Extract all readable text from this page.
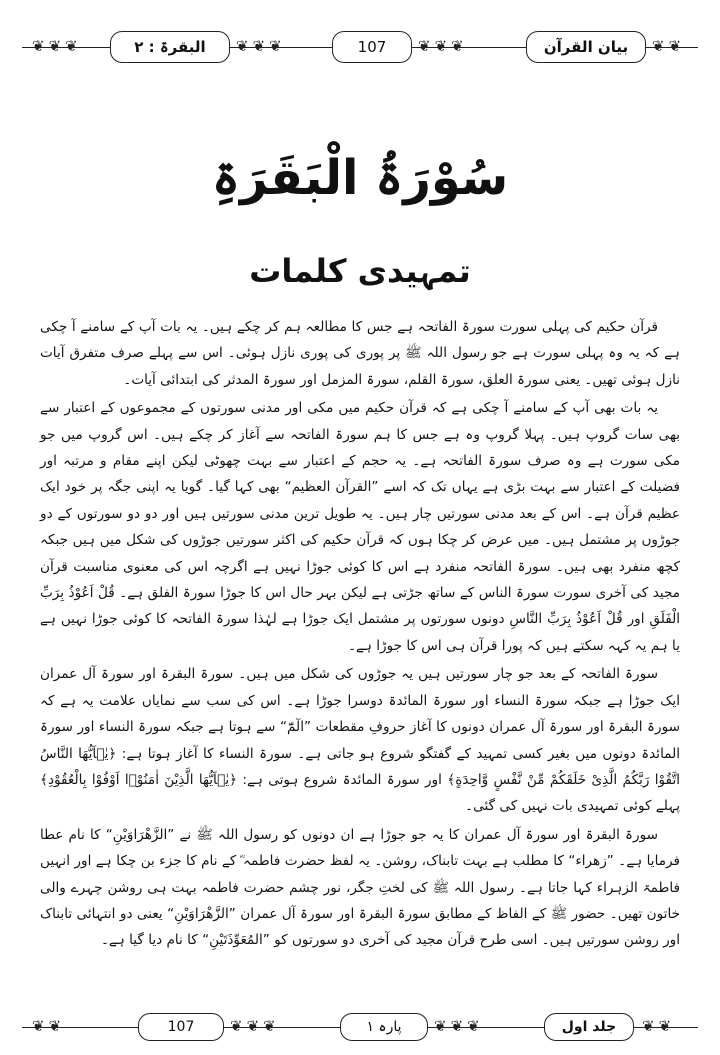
❦ ❦ ❦	البقرۃ : ۲ ❦ ❦ ❦	107 ❦ ❦ ❦	بیان القرآن ❦ ❦
سُوْرَۃُ الْبَقَرَۃِ
تمہیدی کلمات

قرآن حکیم کی پہلی سورت سورۃ الفاتحہ ہے جس کا مطالعہ ہم کر چکے ہیں۔ یہ بات آپ کے سامنے آ چکی ہے کہ یہ وہ پہلی سورت ہے جو رسول اللہ ﷺ پر پوری کی پوری نازل ہوئی۔ اس سے پہلے صرف متفرق آیات نازل ہوئی تھیں۔ یعنی سورۃ العلق، سورۃ القلم، سورۃ المزمل اور سورۃ المدثر کی ابتدائی آیات۔

یہ بات بھی آپ کے سامنے آ چکی ہے کہ قرآن حکیم میں مکی اور مدنی سورتوں کے مجموعوں کے اعتبار سے بھی سات گروپ ہیں۔ پہلا گروپ وہ ہے جس کا ہم سورۃ الفاتحہ سے آغاز کر چکے ہیں۔ اس گروپ میں جو مکی سورت ہے وہ صرف سورۃ الفاتحہ ہے۔ یہ حجم کے اعتبار سے بہت چھوٹی لیکن اپنے مقام و مرتبہ اور فضیلت کے اعتبار سے بہت بڑی ہے یہاں تک کہ اسے ”القرآن العظیم“ بھی کہا گیا۔ گویا یہ اپنی جگہ پر خود ایک عظیم قرآن ہے۔ اس کے بعد مدنی سورتیں چار ہیں۔ یہ طویل ترین مدنی سورتیں ہیں اور دو دو سورتوں کے دو جوڑوں پر مشتمل ہیں۔ میں عرض کر چکا ہوں کہ قرآن حکیم کی اکثر سورتیں جوڑوں کی شکل میں ہیں جبکہ کچھ منفرد بھی ہیں۔ سورۃ الفاتحہ منفرد ہے اس کا کوئی جوڑا نہیں ہے اگرچہ اس کی معنوی مناسبت قرآن مجید کی آخری سورت سورۃ الناس کے ساتھ جڑتی ہے لیکن بہر حال اس کا جوڑا سورۃ الفلق ہے۔ قُلْ اَعُوْذُ بِرَبِّ الْفَلَقِ اور قُلْ اَعُوْذُ بِرَبِّ النَّاسِ دونوں سورتوں پر مشتمل ایک جوڑا ہے لہٰذا سورۃ الفاتحہ کا کوئی جوڑا نہیں ہے یا ہم یہ کہہ سکتے ہیں کہ پورا قرآن ہی اس کا جوڑا ہے۔

سورۃ الفاتحہ کے بعد جو چار سورتیں ہیں یہ جوڑوں کی شکل میں ہیں۔ سورۃ البقرۃ اور سورۃ آل عمران ایک جوڑا ہے جبکہ سورۃ النساء اور سورۃ المائدۃ دوسرا جوڑا ہے۔ اس کی سب سے نمایاں علامت یہ ہے کہ سورۃ البقرۃ اور سورۃ آل عمران دونوں کا آغاز حروفِ مقطعات ”الٓمّٓ“ سے ہوتا ہے جبکہ سورۃ النساء اور سورۃ المائدۃ دونوں میں بغیر کسی تمہید کے گفتگو شروع ہو جاتی ہے۔ سورۃ النساء کا آغاز ہوتا ہے: ﴿یٰۤاَیُّهَا النَّاسُ اتَّقُوْا رَبَّكُمُ الَّذِیْ خَلَقَكُمْ مِّنْ نَّفْسٍ وَّاحِدَةٍ﴾ اور سورۃ المائدۃ شروع ہوتی ہے: ﴿یٰۤاَیُّهَا الَّذِیْنَ اٰمَنُوْۤا اَوْفُوْا بِالْعُقُوْدِ﴾ پہلے کوئی تمہیدی بات نہیں کی گئی۔

سورۃ البقرۃ اور سورۃ آل عمران کا یہ جو جوڑا ہے ان دونوں کو رسول اللہ ﷺ نے ”الزَّهْرَاوَيْنِ“ کا نام عطا فرمایا ہے۔ ”زھراء“ کا مطلب ہے بہت تابناک، روشن۔ یہ لفظ حضرت فاطمہ ؓ کے نام کا جزء بن چکا ہے اور انہیں فاطمۃ الزہراء کہا جاتا ہے۔ رسول اللہ ﷺ کی لختِ جگر، نور چشم حضرت فاطمہ بہت ہی روشن چہرے والی خاتون تھیں۔ حضور ﷺ کے الفاظ کے مطابق سورۃ البقرۃ اور سورۃ آل عمران ”الزَّهْرَاوَيْنِ“ یعنی دو انتہائی تابناک اور روشن سورتیں ہیں۔ اسی طرح قرآن مجید کی آخری دو سورتوں کو ”المُعَوِّذَتَيْنِ“ کا نام دیا گیا ہے۔

❦ ❦	107 ❦ ❦ ❦	پارہ ۱ ❦ ❦ ❦	جلد اول ❦ ❦
